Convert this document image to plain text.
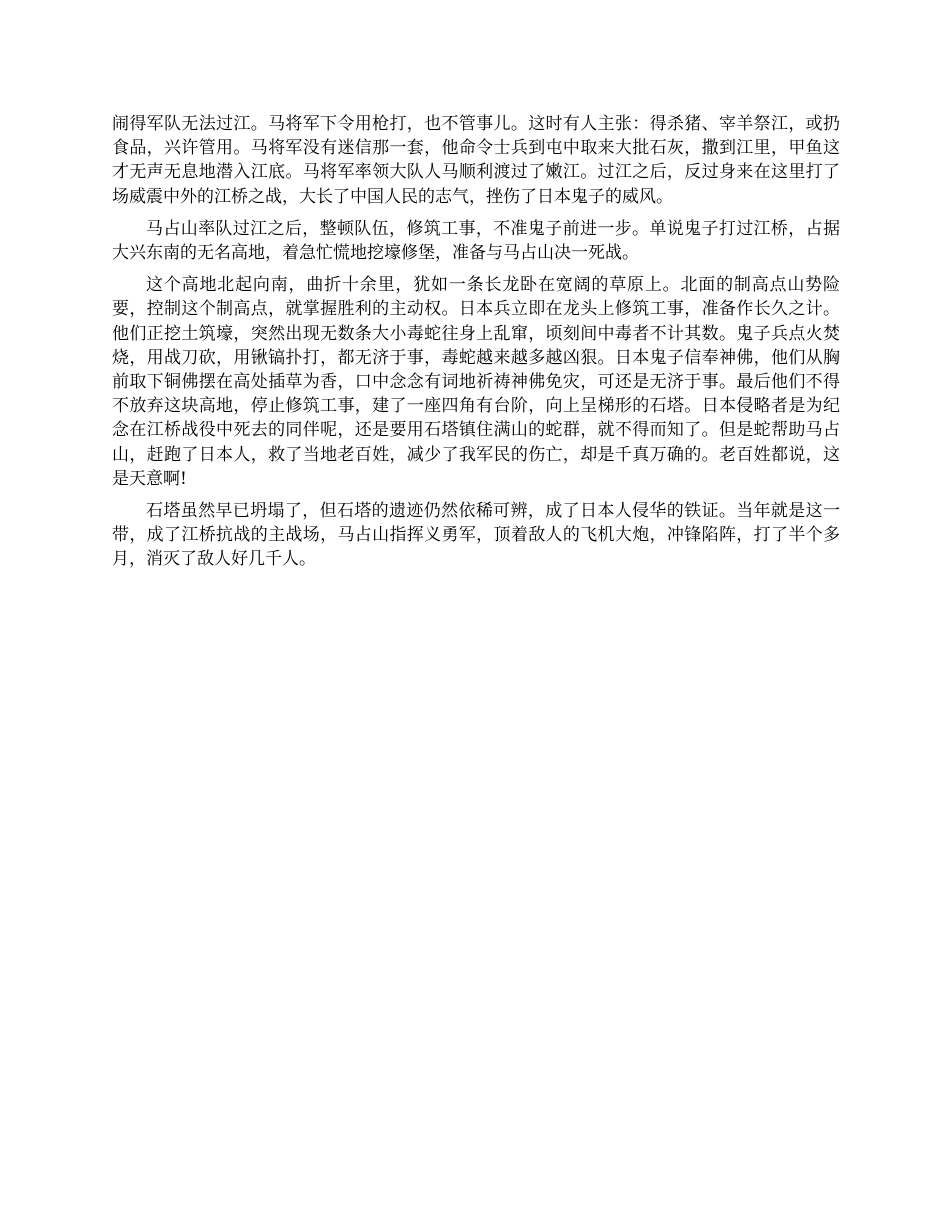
闹得军队无法过江。马将军下令用枪打，也不管事儿。这时有人主张：得杀猪、宰羊祭江，或扔食品，兴许管用。马将军没有迷信那一套，他命令士兵到屯中取来大批石灰，撒到江里，甲鱼这才无声无息地潜入江底。马将军率领大队人马顺利渡过了嫩江。过江之后，反过身来在这里打了场威震中外的江桥之战，大长了中国人民的志气，挫伤了日本鬼子的威风。

马占山率队过江之后，整顿队伍，修筑工事，不准鬼子前进一步。单说鬼子打过江桥，占据大兴东南的无名高地，着急忙慌地挖壕修堡，准备与马占山决一死战。

这个高地北起向南，曲折十余里，犹如一条长龙卧在宽阔的草原上。北面的制高点山势险要，控制这个制高点，就掌握胜利的主动权。日本兵立即在龙头上修筑工事，准备作长久之计。他们正挖土筑壕，突然出现无数条大小毒蛇往身上乱窜，顷刻间中毒者不计其数。鬼子兵点火焚烧，用战刀砍，用锹镐扑打，都无济于事，毒蛇越来越多越凶狠。日本鬼子信奉神佛，他们从胸前取下铜佛摆在高处插草为香，口中念念有词地祈祷神佛免灾，可还是无济于事。最后他们不得不放弃这块高地，停止修筑工事，建了一座四角有台阶，向上呈梯形的石塔。日本侵略者是为纪念在江桥战役中死去的同伴呢，还是要用石塔镇住满山的蛇群，就不得而知了。但是蛇帮助马占山，赶跑了日本人，救了当地老百姓，减少了我军民的伤亡，却是千真万确的。老百姓都说，这是天意啊!

石塔虽然早已坍塌了，但石塔的遗迹仍然依稀可辨，成了日本人侵华的铁证。当年就是这一带，成了江桥抗战的主战场，马占山指挥义勇军，顶着敌人的飞机大炮，冲锋陷阵，打了半个多月，消灭了敌人好几千人。
